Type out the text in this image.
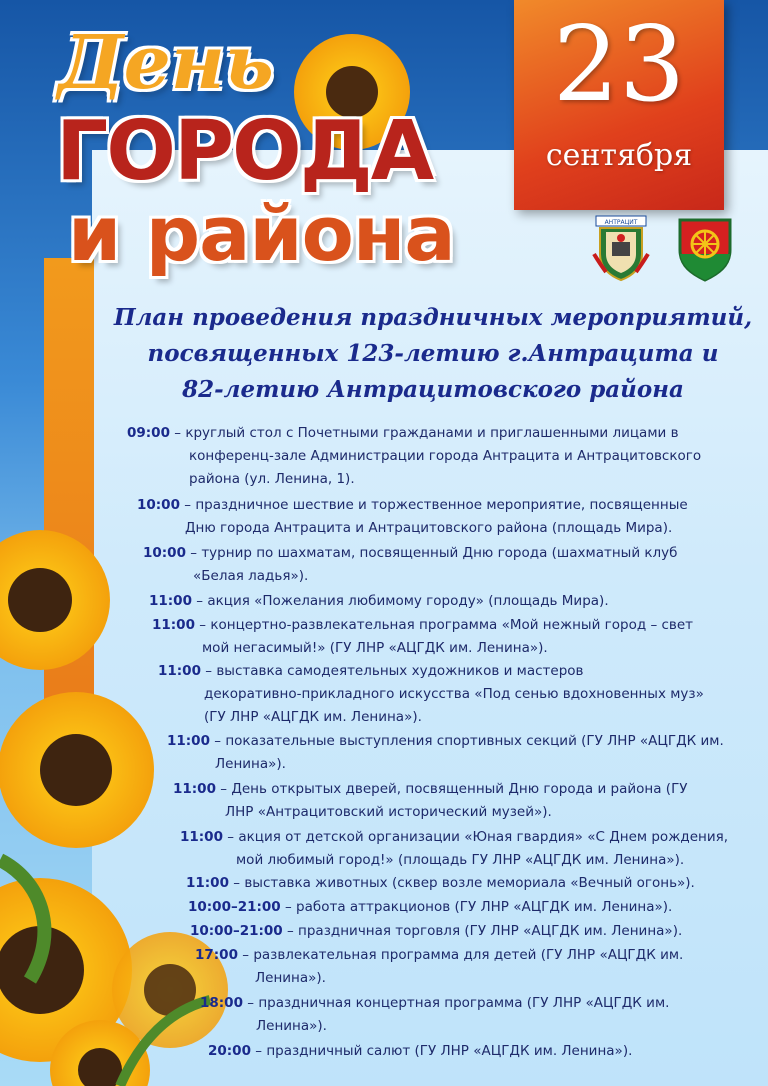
23
сентября
День
ГОРОДА
и района	АНТРАЦИТ
План проведения праздничных мероприятий,
посвященных 123-летию г.Антрацита и
82-летию Антрацитовского района
09:00 – круглый стол с Почетными гражданами и приглашенными лицами в
конференц-зале Администрации города Антрацита и Антрацитовского
района (ул. Ленина, 1).
10:00 – праздничное шествие и торжественное мероприятие, посвященные
Дню города Антрацита и Антрацитовского района (площадь Мира).
10:00 – турнир по шахматам, посвященный Дню города (шахматный клуб
«Белая ладья»).
11:00 – акция «Пожелания любимому городу» (площадь Мира).
11:00 – концертно-развлекательная программа «Мой нежный город – свет
мой негасимый!» (ГУ ЛНР «АЦГДК им. Ленина»).
11:00 – выставка самодеятельных художников и мастеров
декоративно-прикладного искусства «Под сенью вдохновенных муз»
(ГУ ЛНР «АЦГДК им. Ленина»).
11:00 – показательные выступления спортивных секций (ГУ ЛНР «АЦГДК им.
Ленина»).
11:00 – День открытых дверей, посвященный Дню города и района (ГУ
ЛНР «Антрацитовский исторический музей»).
11:00 – акция от детской организации «Юная гвардия» «С Днем рождения,
мой любимый город!» (площадь ГУ ЛНР «АЦГДК им. Ленина»).
11:00 – выставка животных (сквер возле мемориала «Вечный огонь»).
10:00–21:00 – работа аттракционов (ГУ ЛНР «АЦГДК им. Ленина»).
10:00–21:00 – праздничная торговля (ГУ ЛНР «АЦГДК им. Ленина»).
17:00 – развлекательная программа для детей (ГУ ЛНР «АЦГДК им.
Ленина»).
18:00 – праздничная концертная программа (ГУ ЛНР «АЦГДК им.
Ленина»).
20:00 – праздничный салют (ГУ ЛНР «АЦГДК им. Ленина»).
